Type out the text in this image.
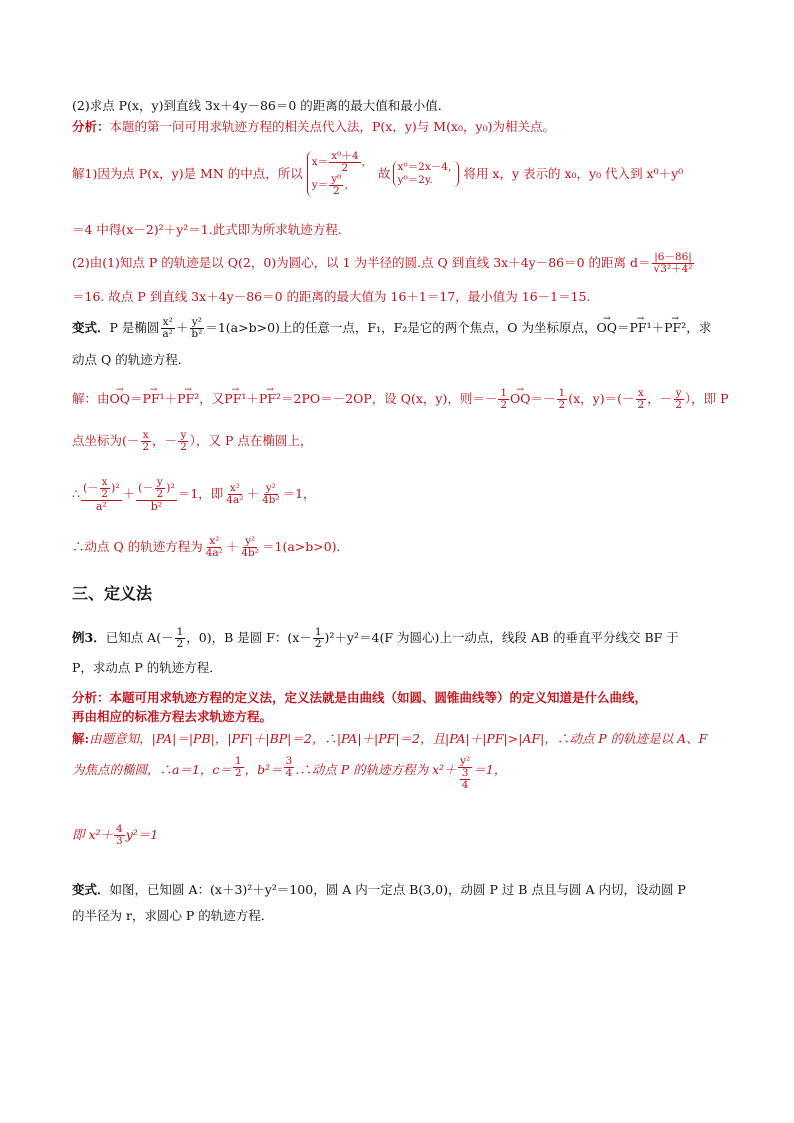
(2)求点 P(x，y)到直线 3x＋4y－86＝0 的距离的最大值和最小值．
分析：本题的第一问可用求轨迹方程的相关点代入法，P(x，y)与 M(x₀，y₀)为相关点。
解1)因为点 P(x，y)是 MN 的中点，所以
$x= \frac{\text{x⁰＋4}}{2}$ ，
$y= \frac{\text{y⁰}}{2}$ ，
故 x⁰＝2x－4，
y⁰＝2y.	将用 x，y 表示的 x₀，y₀ 代入到 x⁰＋y⁰
＝4 中得(x－2)²＋y²＝1.此式即为所求轨迹方程.
(2)由(1)知点 P 的轨迹是以 Q(2，0)为圆心，以 1 为半径的圆.点 Q 到直线 3x＋4y－86＝0 的距离 $d= \frac{|6-86|}{\text{√3²＋4²}}$
＝16. 故点 P 到直线 3x＋4y－86＝0 的距离的最大值为 16＋1＝17，最小值为 16－1＝15.
变式． P 是椭圆 $\frac{\text{x²}}{\text{a²}} + \frac{\text{y²}}{\text{b²}} =1(a>b>0)$上的任意一点，F₁，F₂是它的两个焦点，O 为坐标原点， → OQ ＝ → PF¹ ＋ → PF² ，求
动点 Q 的轨迹方程．
解：由 → OQ ＝ → PF¹ ＋ → PF² ，又 → PF¹ ＋ → PF² ＝2PO＝－2OP，设 Q(x，y)，则 ＝－ $\frac{1}{2}$ → OQ ＝－ $\frac{1}{2} (x$，$y)=(- \frac{x}{2}$ ，－ $\frac{y}{2}$ ），即 P
点坐标为(－ $\frac{x}{2}$ ，－ $\frac{y}{2}$ ），又 P 点在椭圆上，
∴ $\frac{(- \frac{x}{2} )^2}{\text{a²}} + \frac{(- \frac{y}{2} )^2}{\text{b²}} =1$，即 $\frac{\text{x²}}{\text{4a²}} + \frac{\text{y²}}{\text{4b²}} =1$，
∴动点 Q 的轨迹方程为 $\frac{\text{x²}}{\text{4a²}} + \frac{\text{y²}}{\text{4b²}} =1(a>b>0)$．
三、定义法
例3． 已知点 $A(- \frac{1}{2}$ ，0)，B 是圆 F：$(x- \frac{1}{2} )^2+y^2=4(F$ 为圆心)上一动点，线段 AB 的垂直平分线交 BF 于
P，求动点 P 的轨迹方程．
分析：本题可用求轨迹方程的定义法，定义法就是由曲线（如圆、圆锥曲线等）的定义知道是什么曲线，
再由相应的标准方程去求轨迹方程。
解:由题意知，|PA|＝|PB|，|PF|＋|BP|＝2，∴|PA|＋|PF|＝2，且|PA|＋|PF|>|AF|，∴动点 P 的轨迹是以 A、F
为焦点的椭圆，∴a＝1，$c= \frac{1}{2}$ ，$b^2= \frac{3}{4}$ .∴动点 P 的轨迹方程为 x²＋ y²
3
4 ＝1，
即 $x^2+ \frac{4}{3} y^2=1$
变式．如图，已知圆 A：(x＋3)²＋y²＝100，圆 A 内一定点 B(3,0)，动圆 P 过 B 点且与圆 A 内切，设动圆 P
的半径为 r，求圆心 P 的轨迹方程．
